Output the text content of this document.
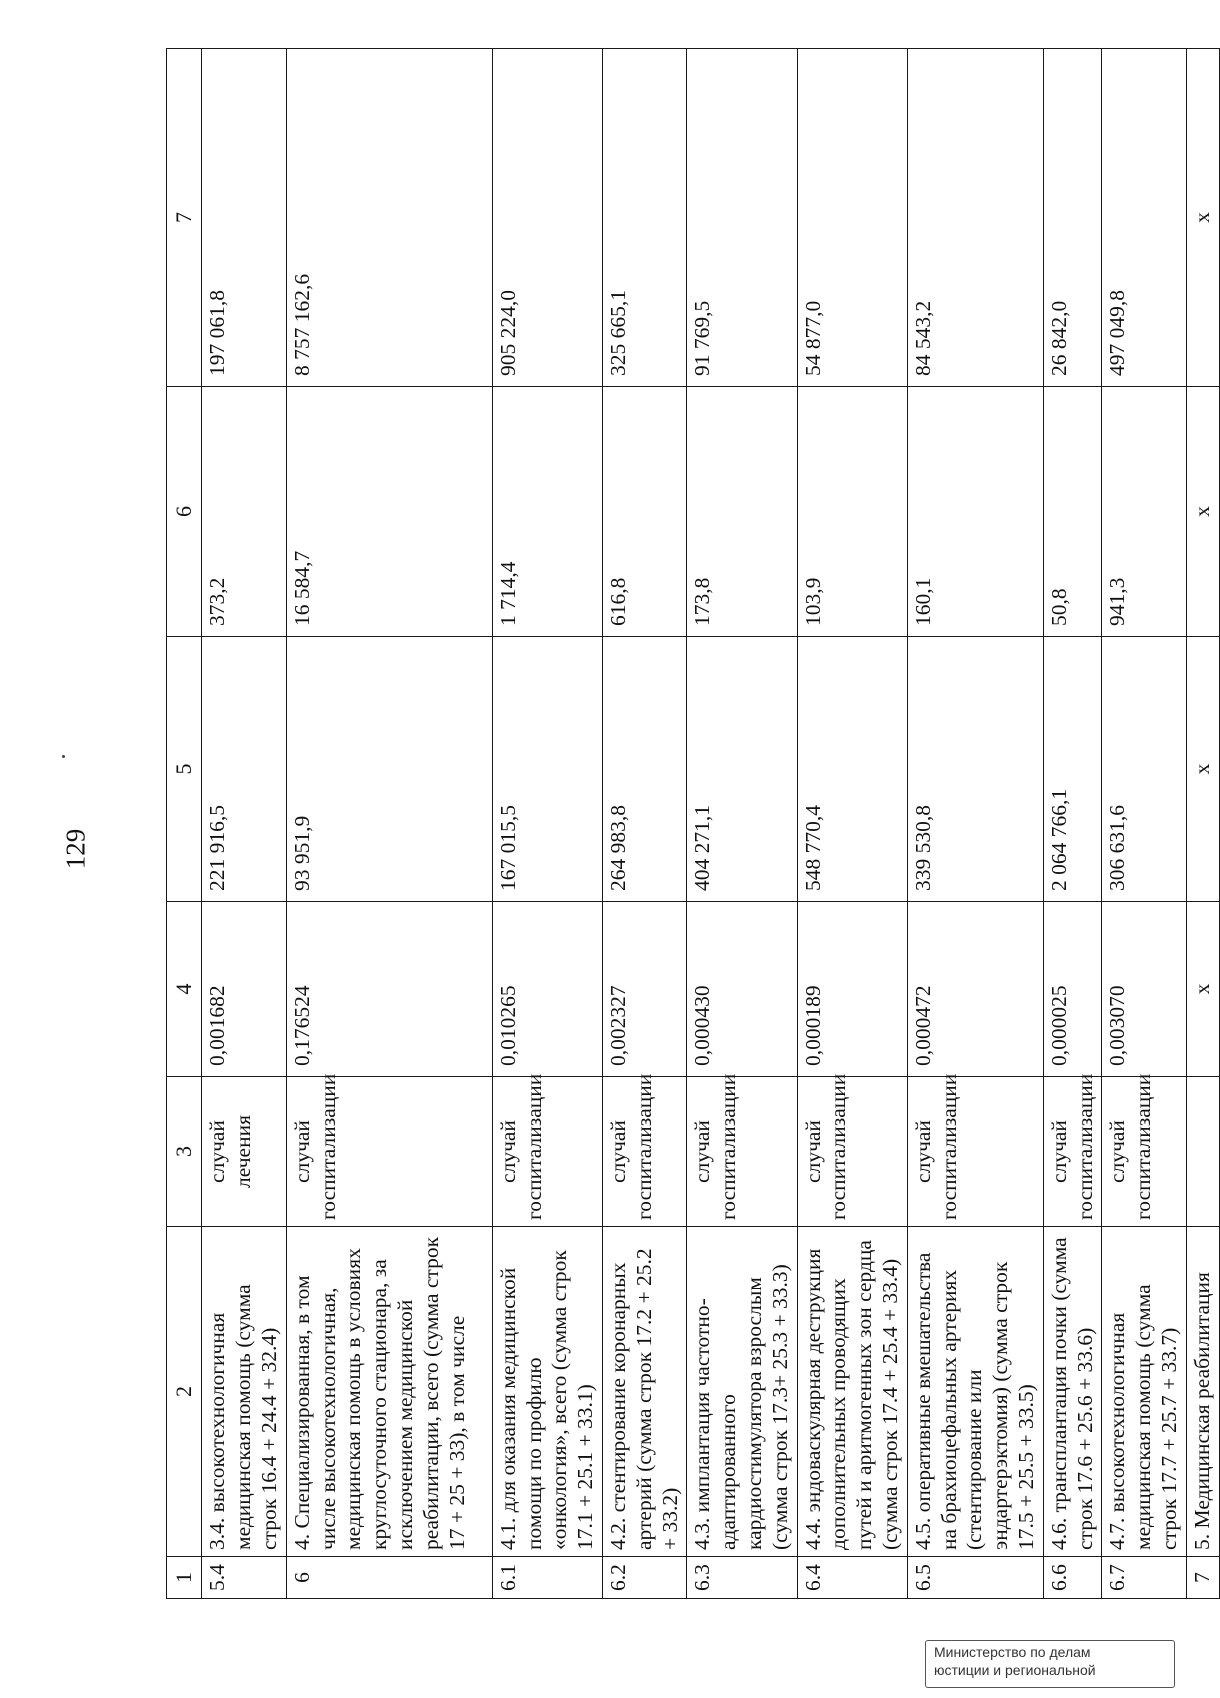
129
1	2	3	4	5	6	7
5.4	3.4. высокотехнологичная медицинская помощь (сумма строк 16.4 + 24.4 + 32.4)	случай лечения	0,001682	221 916,5	373,2	197 061,8
6	4. Специализированная, в том числе высокотехнологичная, медицинская помощь в условиях круглосуточного стационара, за исключением медицинской реабилитации, всего (сумма строк 17 + 25 + 33), в том числе	случай госпитализации	0,176524	93 951,9	16 584,7	8 757 162,6
6.1	4.1. для оказания медицинской помощи по профилю «онкология», всего (сумма строк 17.1 + 25.1 + 33.1)	случай госпитализации	0,010265	167 015,5	1 714,4	905 224,0
6.2	4.2. стентирование коронарных артерий (сумма строк 17.2 + 25.2 + 33.2)	случай госпитализации	0,002327	264 983,8	616,8	325 665,1
6.3	4.3. имплантация частотно-адаптированного кардиостимулятора взрослым (сумма строк 17.3+ 25.3 + 33.3)	случай госпитализации	0,000430	404 271,1	173,8	91 769,5
6.4	4.4. эндоваскулярная деструкция дополнительных проводящих путей и аритмогенных зон сердца (сумма строк 17.4 + 25.4 + 33.4)	случай госпитализации	0,000189	548 770,4	103,9	54 877,0
6.5	4.5. оперативные вмешательства на брахиоцефальных артериях (стентирование или эндартерэктомия) (сумма строк 17.5 + 25.5 + 33.5)	случай госпитализации	0,000472	339 530,8	160,1	84 543,2
6.6	4.6. трансплантация почки (сумма строк 17.6 + 25.6 + 33.6)	случай госпитализации	0,000025	2 064 766,1	50,8	26 842,0
6.7	4.7. высокотехнологичная медицинская помощь (сумма строк 17.7 + 25.7 + 33.7)	случай госпитализации	0,003070	306 631,6	941,3	497 049,8
7	5. Медицинская реабилитация		x	x	x	x
Министерство по делам
юстиции и региональной
